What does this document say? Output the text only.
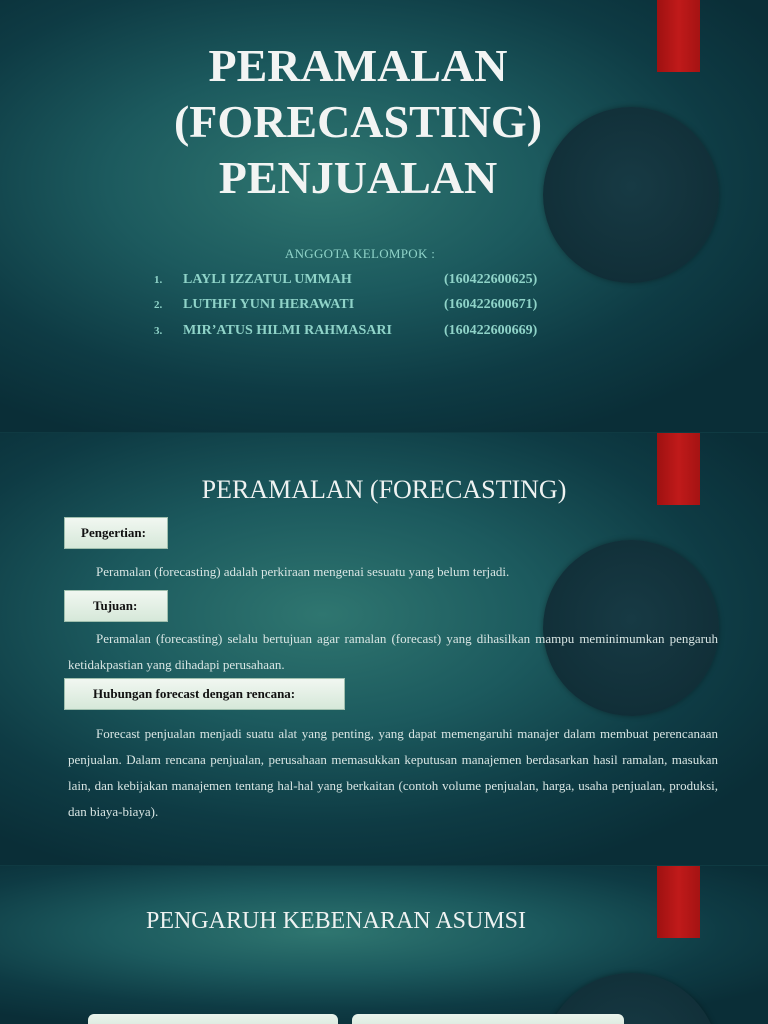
PERAMALAN
(FORECASTING)
PENJUALAN
ANGGOTA KELOMPOK :
1. LAYLI IZZATUL UMMAH	(160422600625)
2. LUTHFI YUNI HERAWATI	(160422600671)
3. MIR’ATUS HILMI RAHMASARI	(160422600669)
PERAMALAN (FORECASTING)
Pengertian:
Peramalan (forecasting) adalah perkiraan mengenai sesuatu yang belum terjadi.
Tujuan:
Peramalan (forecasting) selalu bertujuan agar ramalan (forecast) yang dihasilkan mampu meminimumkan pengaruh ketidakpastian yang dihadapi perusahaan.
Hubungan forecast dengan rencana:
Forecast penjualan menjadi suatu alat yang penting, yang dapat memengaruhi manajer dalam membuat perencanaan penjualan. Dalam rencana penjualan, perusahaan memasukkan keputusan manajemen berdasarkan hasil ramalan, masukan lain, dan kebijakan manajemen tentang hal-hal yang berkaitan (contoh volume penjualan, harga, usaha penjualan, produksi, dan biaya-biaya).
PENGARUH KEBENARAN ASUMSI
